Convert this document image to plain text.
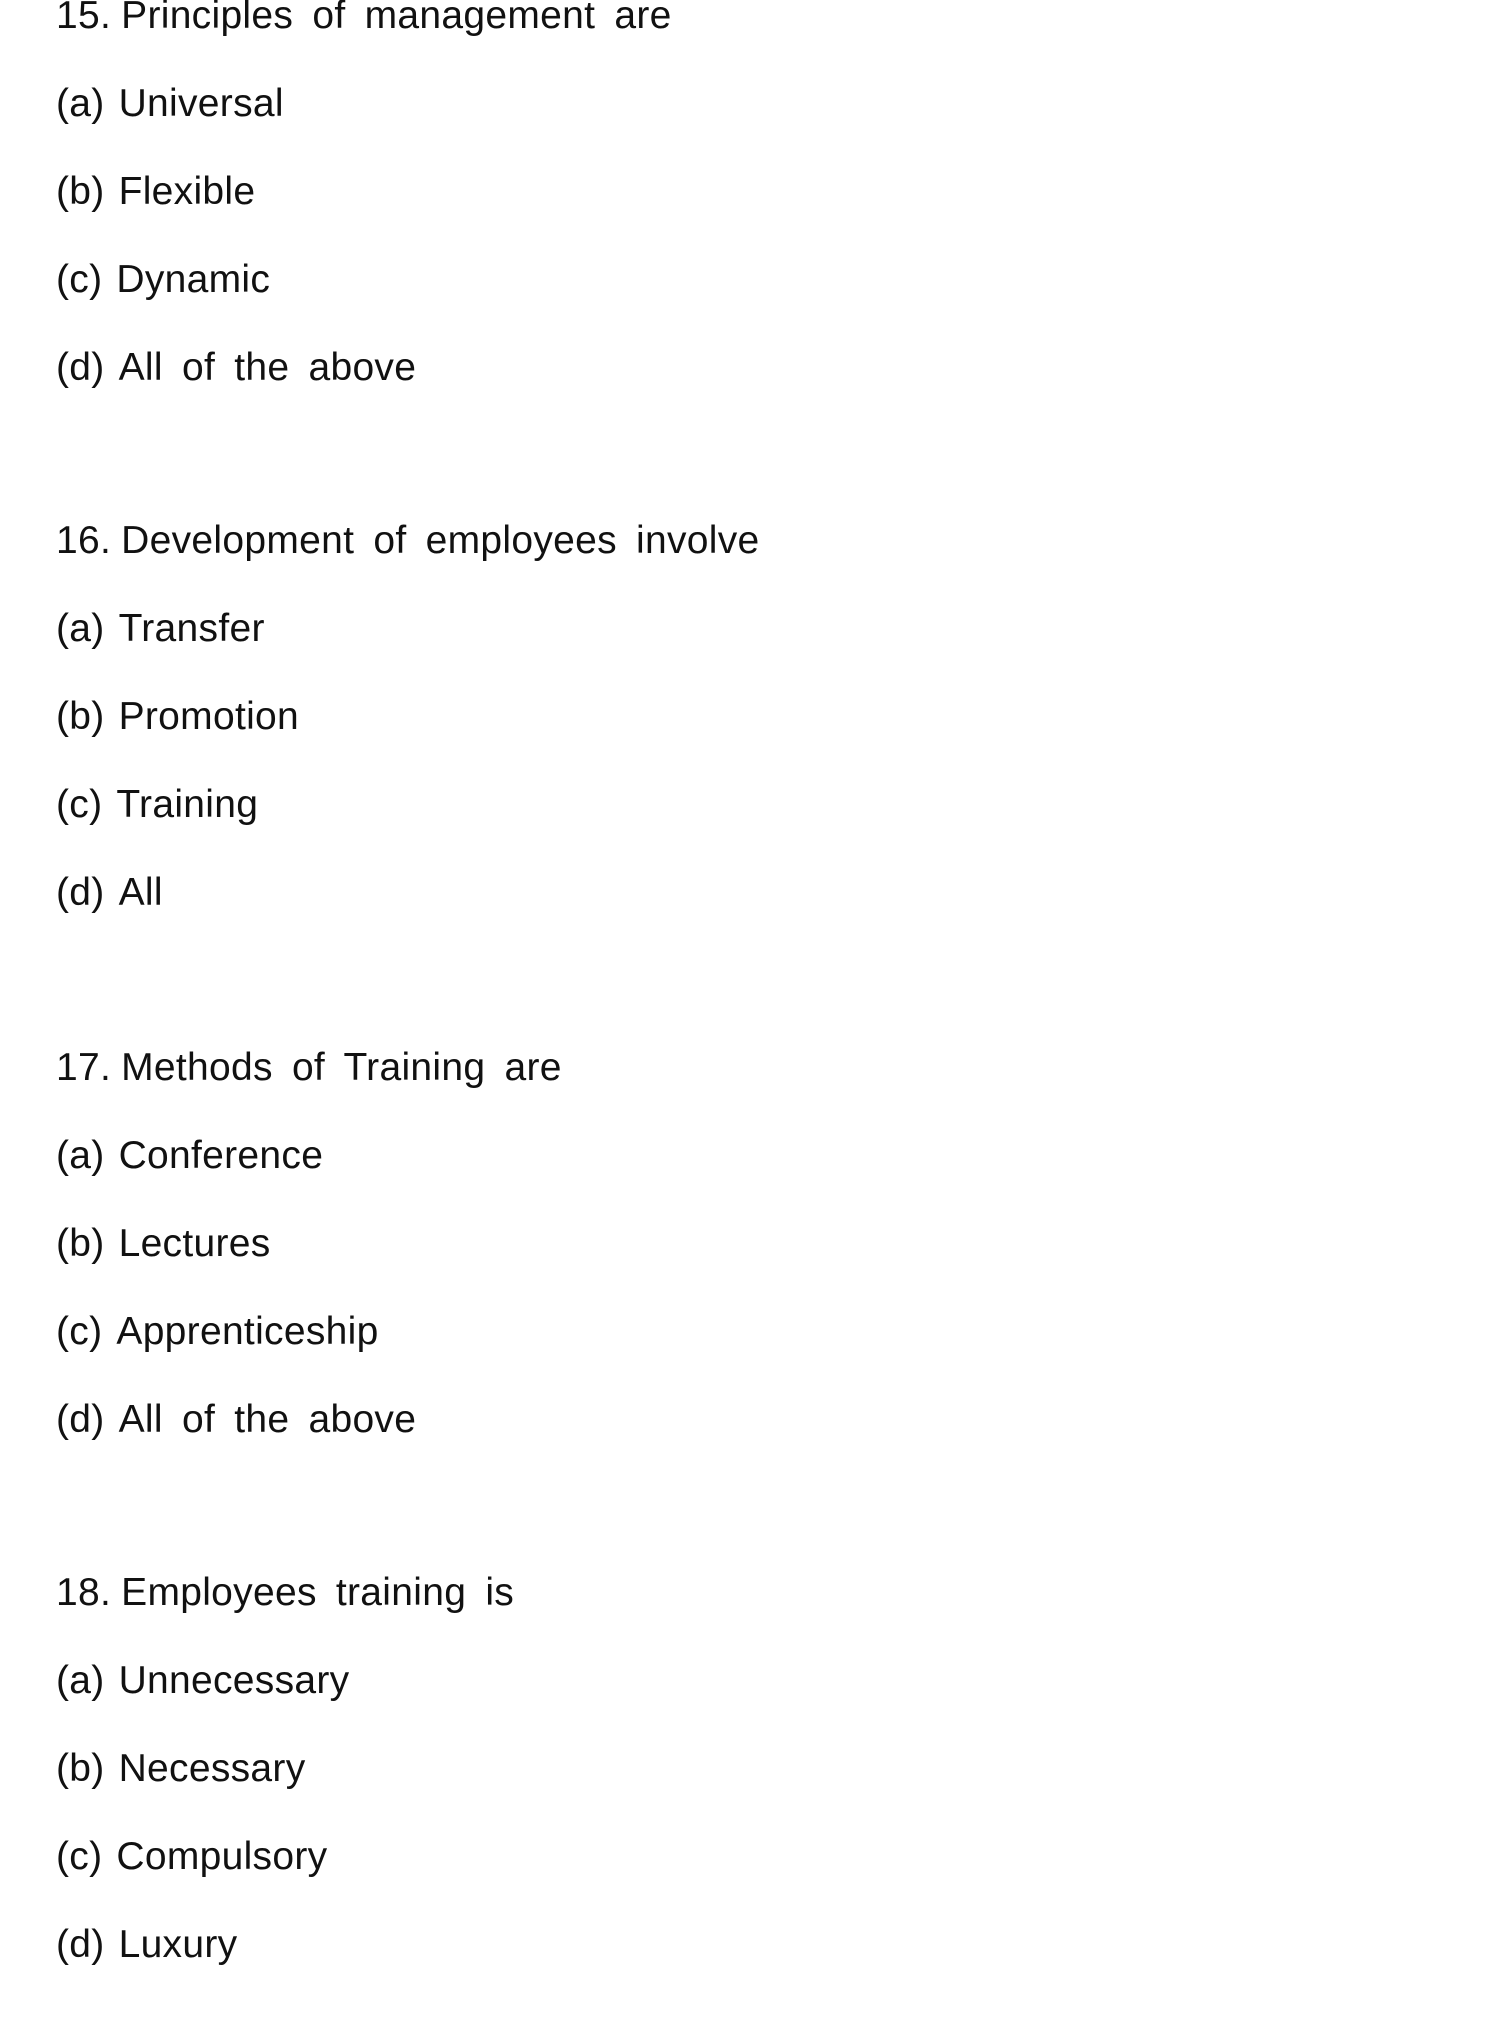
15. Principles of management are
(a) Universal
(b) Flexible
(c) Dynamic
(d) All of the above
16. Development of employees involve
(a) Transfer
(b) Promotion
(c) Training
(d) All
17. Methods of Training are
(a) Conference
(b) Lectures
(c) Apprenticeship
(d) All of the above
18. Employees training is
(a) Unnecessary
(b) Necessary
(c) Compulsory
(d) Luxury
